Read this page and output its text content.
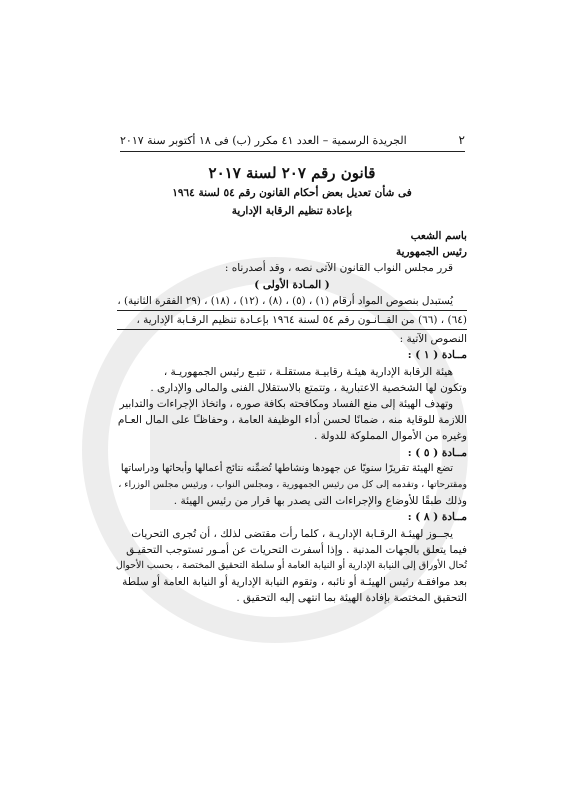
٢
الجريدة الرسمية – العدد ٤١ مكرر (ب) فى ١٨ أكتوبر سنة ٢٠١٧
قانون رقم ٢٠٧ لسنة ٢٠١٧
فى شأن تعديل بعض أحكام القانون رقم ٥٤ لسنة ١٩٦٤
بإعادة تنظيم الرقابة الإدارية
باسم الشعب
رئيس الجمهورية
قرر مجلس النواب القانون الآتى نصه ، وقد أصدرناه :
( المـادة الأولى )
يُستبدل بنصوص المواد أرقام (١) ، (٥) ، (٨) ، (١٢) ، (١٨) ، (٢٩ الفقرة الثانية) ،
(٦٤) ، (٦٦) من القــانـون رقم ٥٤ لسنة ١٩٦٤ بإعـادة تنظيم الرقـابة الإدارية ،
النصوص الآتية :
مــادة ( ١ ) :
هيئة الرقابة الإدارية هيئـة رقابيـة مستقلـة ، تتبـع رئيس الجمهوريـة ،
وتكون لها الشخصية الاعتبارية ، وتتمتع بالاستقلال الفنى والمالى والإدارى .
وتهدف الهيئة إلى منع الفساد ومكافحته بكافة صوره ، واتخاذ الإجراءات والتدابير
اللازمة للوقاية منه ، ضمانًا لحسن أداء الوظيفة العامة ، وحفاظـًا على المال العـام
وغيره من الأموال المملوكة للدولة .
مــادة ( ٥ ) :
تضع الهيئة تقريرًا سنويًا عن جهودها ونشاطها تُضمِّنه نتائج أعمالها وأبحاثها ودراساتها
ومقترحاتها ، وتقدمه إلى كل من رئيس الجمهورية ، ومجلس النواب ، ورئيس مجلس الوزراء ،
وذلك طبقًا للأوضاع والإجراءات التى يصدر بها قرار من رئيس الهيئة .
مــادة ( ٨ ) :
يجــوز لهيئـة الرقـابة الإداريـة ، كلما رأت مقتضى لذلك ، أن تُجرى التحريات
فيما يتعلق بالجهات المدنية . وإذا أسفرت التحريات عن أمـور تستوجب التحقيـق
تُحال الأوراق إلى النيابة الإدارية أو النيابة العامة أو سلطة التحقيق المختصة ، بحسب الأحوال
بعد موافقـة رئيس الهيئـة أو نائبه ، وتقوم النيابة الإدارية أو النيابة العامة أو سلطة
التحقيق المختصة بإفادة الهيئة بما انتهى إليه التحقيق .
